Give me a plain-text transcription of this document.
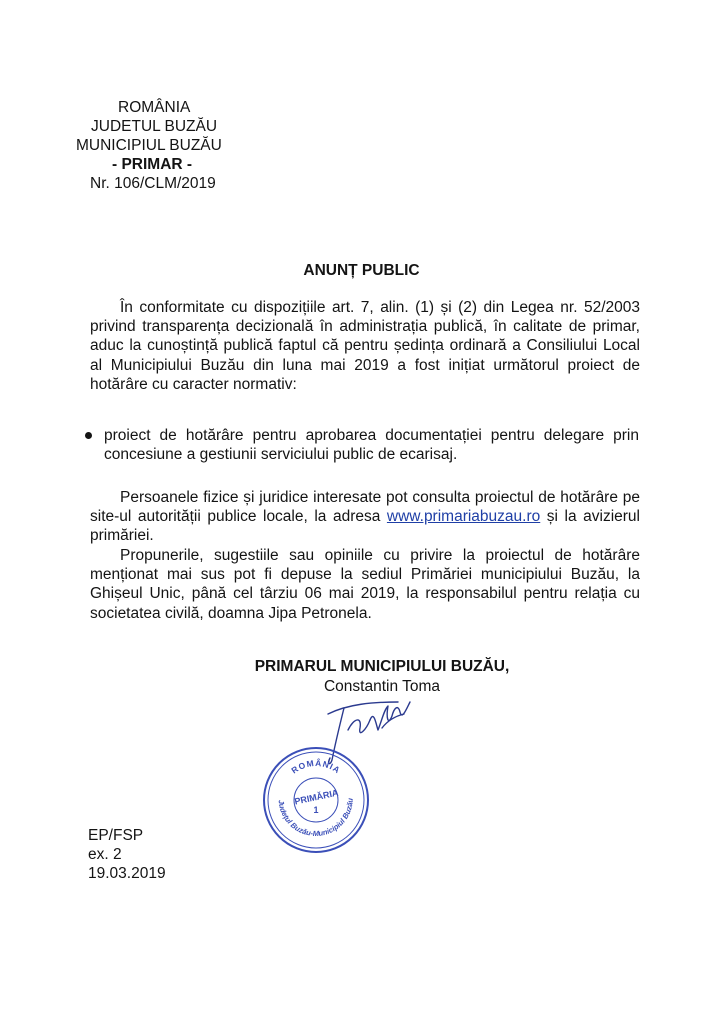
ROMÂNIA
JUDETUL BUZĂU
MUNICIPIUL BUZĂU
- PRIMAR -
Nr. 106/CLM/2019
ANUNȚ PUBLIC

În conformitate cu dispozițiile art. 7, alin. (1) și (2) din Legea nr. 52/2003 privind transparența decizională în administrația publică, în calitate de primar, aduc la cunoștință publică faptul că pentru ședința ordinară a Consiliului Local al Municipiului Buzău din luna mai 2019 a fost inițiat următorul proiect de hotărâre cu caracter normativ:

proiect de hotărâre pentru aprobarea documentației pentru delegare prin concesiune a gestiunii serviciului public de ecarisaj.

Persoanele fizice și juridice interesate pot consulta proiectul de hotărâre pe site-ul autorității publice locale, la adresa www.primariabuzau.ro și la avizierul primăriei.

Propunerile, sugestiile sau opiniile cu privire la proiectul de hotărâre menționat mai sus pot fi depuse la sediul Primăriei municipiului Buzău, la Ghișeul Unic, până cel târziu 06 mai 2019, la responsabilul pentru relația cu societatea civilă, doamna Jipa Petronela.

PRIMARUL MUNICIPIULUI BUZĂU,
Constantin Toma
ROMÂNIA
Județul Buzău-Municipiul Buzău
PRIMĂRIA
1
EP/FSP
ex. 2
19.03.2019
